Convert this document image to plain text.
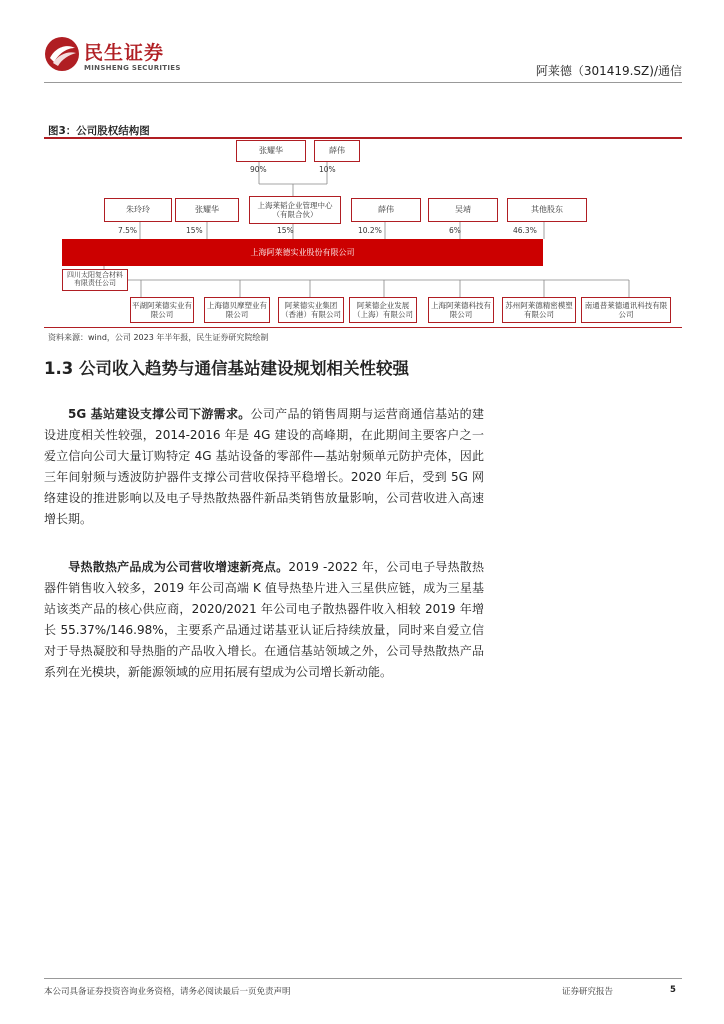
民生证券
MINSHENG SECURITIES	阿莱德（301419.SZ)/通信
图3：公司股权结构图
张耀华	薛伟
90%	10%
朱玲玲	张耀华	上海莱韬企业管理中心（有限合伙）
薛伟	吴靖	其他股东
7.5%	15%	15%	10.2%	6%	46.3%
上海阿莱德实业股份有限公司
四川太阳复合材料有限责任公司
平湖阿莱德实业有限公司
上海德贝摩塑业有限公司
阿莱德实业集团（香港）有限公司
阿莱德企业发展（上海）有限公司
上海阿莱德科技有限公司
苏州阿莱德精密模塑有限公司
南通普莱德通讯科技有限公司
资料来源：wind，公司 2023 年半年报，民生证券研究院绘制
1.3 公司收入趋势与通信基站建设规划相关性较强
5G 基站建设支撑公司下游需求。公司产品的销售周期与运营商通信基站的建设进度相关性较强，2014-2016 年是 4G 建设的高峰期，在此期间主要客户之一爱立信向公司大量订购特定 4G 基站设备的零部件—基站射频单元防护壳体，因此三年间射频与透波防护器件支撑公司营收保持平稳增长。2020 年后，受到 5G 网络建设的推进影响以及电子导热散热器件新品类销售放量影响，公司营收进入高速增长期。
导热散热产品成为公司营收增速新亮点。2019 -2022 年，公司电子导热散热器件销售收入较多，2019 年公司高端 K 值导热垫片进入三星供应链，成为三星基站该类产品的核心供应商，2020/2021 年公司电子散热器件收入相较 2019 年增长 55.37%/146.98%，主要系产品通过诺基亚认证后持续放量，同时来自爱立信对于导热凝胶和导热脂的产品收入增长。在通信基站领域之外，公司导热散热产品系列在光模块，新能源领域的应用拓展有望成为公司增长新动能。
本公司具备证券投资咨询业务资格，请务必阅读最后一页免责声明	证券研究报告	5
